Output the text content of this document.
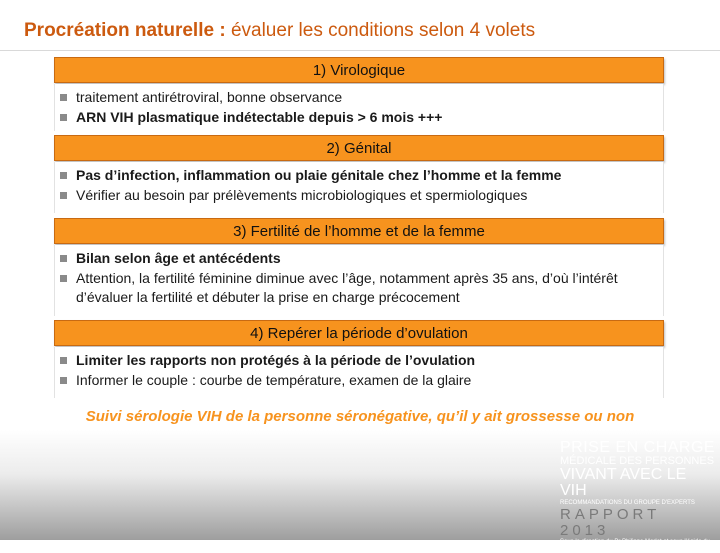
Procréation naturelle : évaluer les conditions selon 4 volets
1) Virologique
traitement antirétroviral, bonne observance
ARN VIH plasmatique indétectable depuis > 6 mois +++
2) Génital
Pas d’infection, inflammation ou plaie génitale chez l’homme et la femme
Vérifier au besoin par prélèvements microbiologiques et spermiologiques
3) Fertilité de l’homme et de la femme
Bilan selon âge et antécédents
Attention, la fertilité féminine diminue avec l’âge, notamment après 35 ans, d’où l’intérêt d’évaluer la fertilité et débuter la prise en charge précocement
4) Repérer la période d’ovulation
Limiter les rapports non protégés à la période de l’ovulation
Informer le couple : courbe de température, examen de la glaire
Suivi sérologie VIH de la personne séronégative, qu’il y ait grossesse ou non
PRISE EN CHARGE
MÉDICALE DES PERSONNES
VIVANT AVEC LE VIH
RECOMMANDATIONS DU GROUPE D'EXPERTS
RAPPORT 2013
Sous la direction du Pr Philippe Morlat et sous l'égide du CNS et de l'ANRS
